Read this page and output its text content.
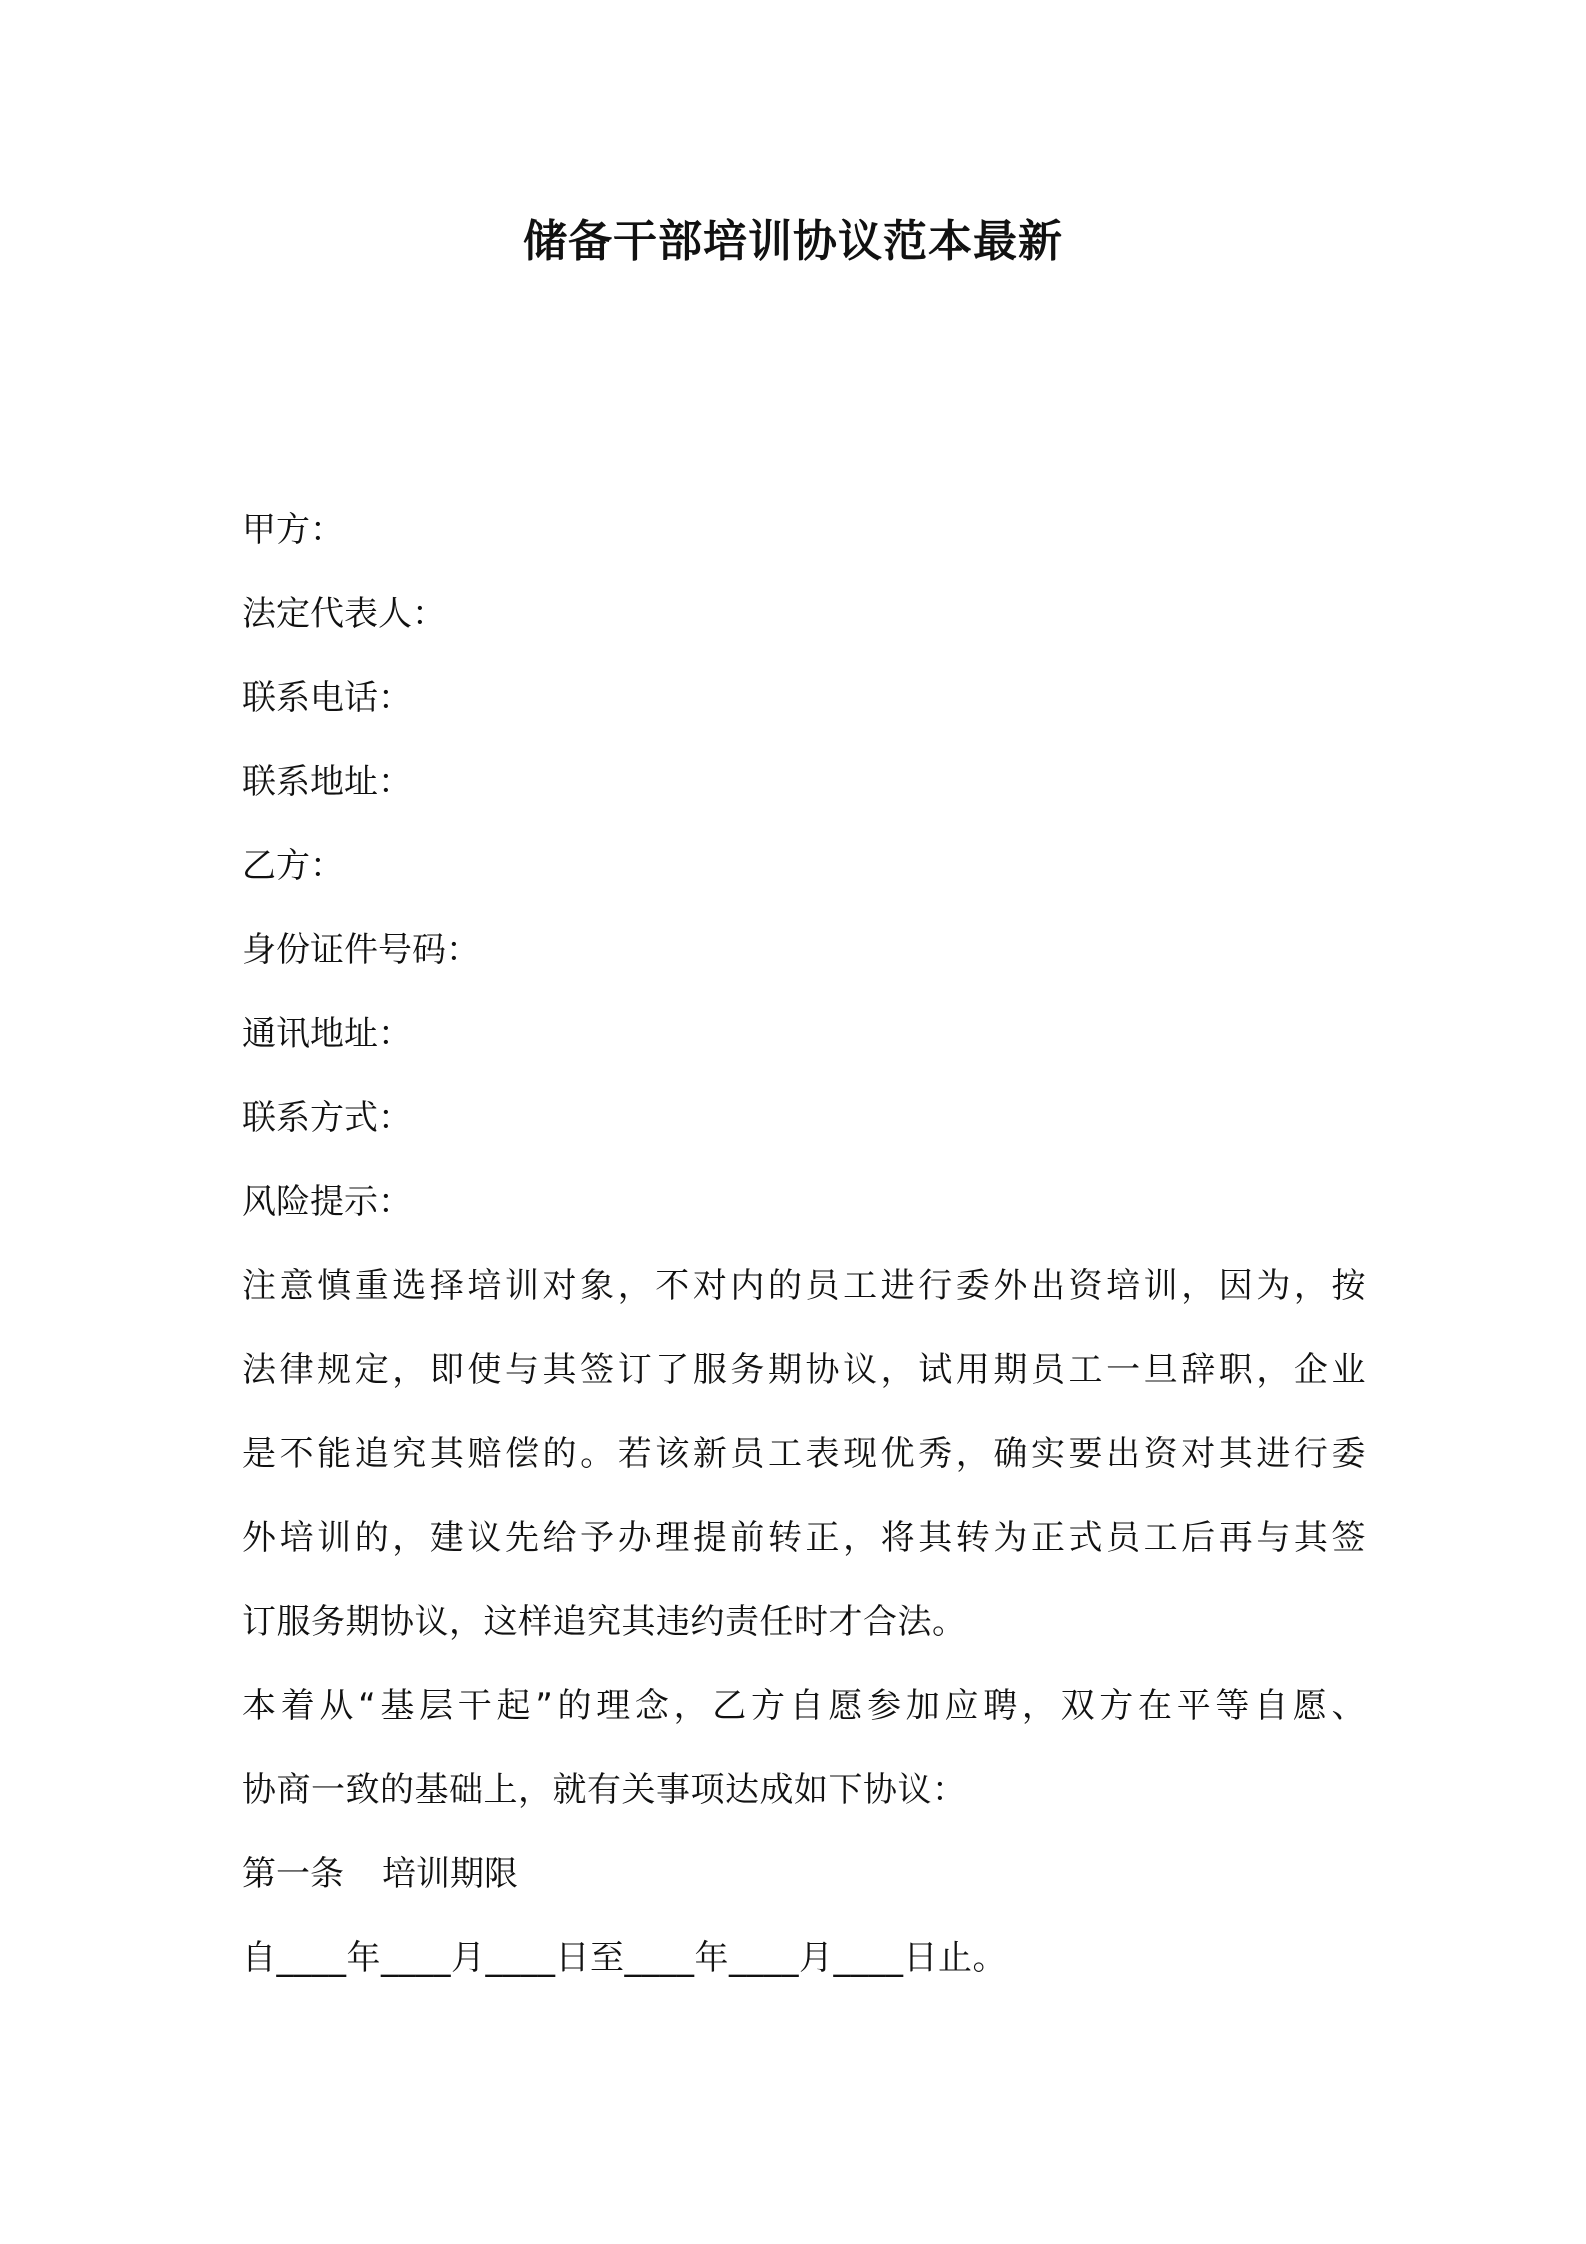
储备干部培训协议范本最新
甲方：
法定代表人：
联系电话：
联系地址：
乙方：
身份证件号码：
通讯地址：
联系方式：
风险提示：
注意慎重选择培训对象，不对内的员工进行委外出资培训，因为，按
法律规定，即使与其签订了服务期协议，试用期员工一旦辞职，企业
是不能追究其赔偿的。若该新员工表现优秀，确实要出资对其进行委
外培训的，建议先给予办理提前转正，将其转为正式员工后再与其签
订服务期协议，这样追究其违约责任时才合法。
本着从“基层干起”的理念，乙方自愿参加应聘，双方在平等自愿、
协商一致的基础上，就有关事项达成如下协议：
第一条 培训期限
自____年____月____日至____年____月____日止。
